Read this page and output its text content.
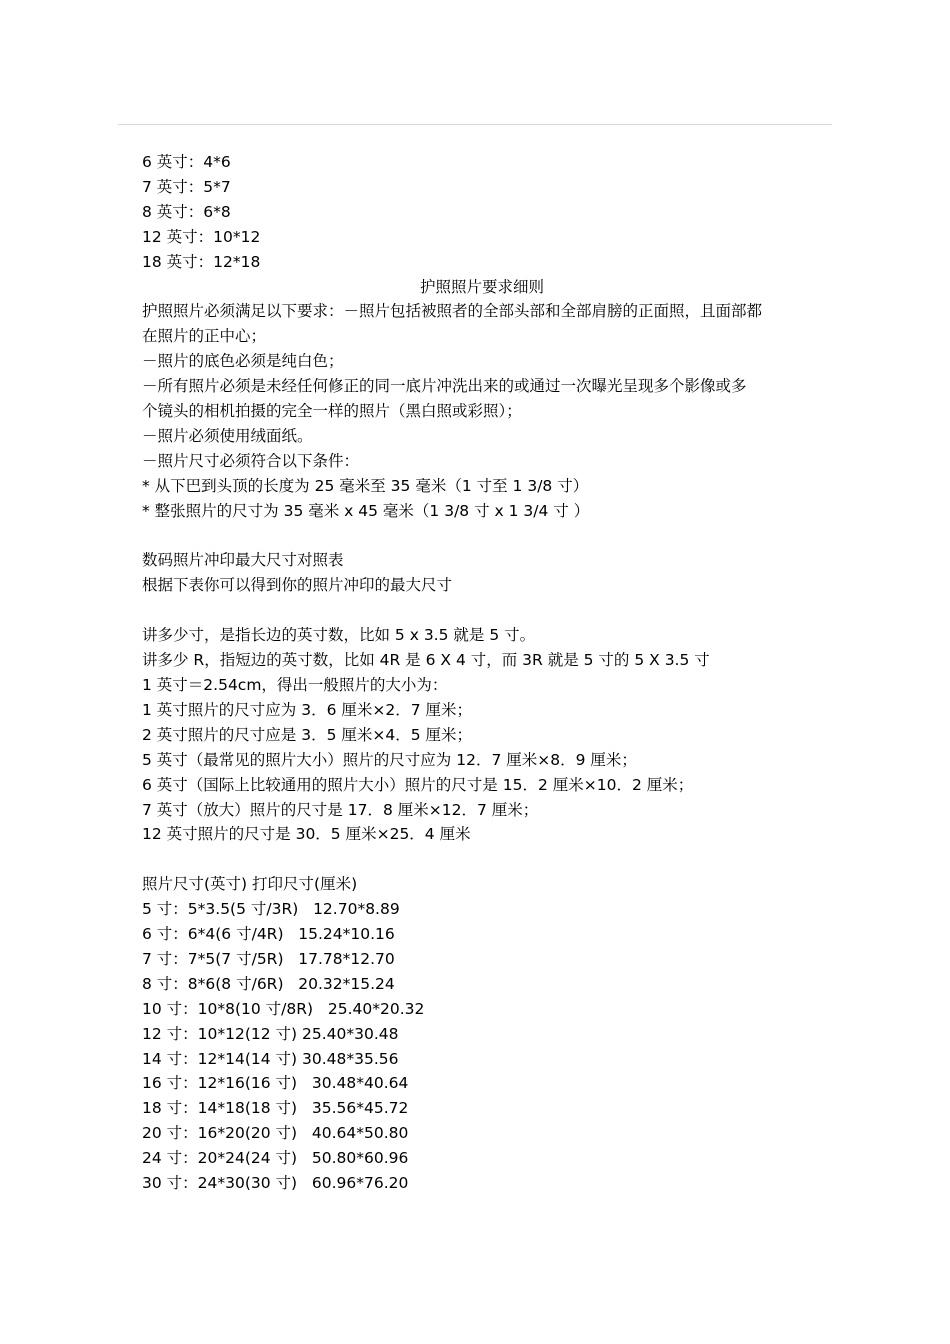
6 英寸：4*6
7 英寸：5*7
8 英寸：6*8
12 英寸：10*12
18 英寸：12*18
护照照片要求细则
护照照片必须满足以下要求：－照片包括被照者的全部头部和全部肩膀的正面照，且面部都
在照片的正中心；
－照片的底色必须是纯白色；
－所有照片必须是未经任何修正的同一底片冲洗出来的或通过一次曝光呈现多个影像或多
个镜头的相机拍摄的完全一样的照片（黑白照或彩照）；
－照片必须使用绒面纸。
－照片尺寸必须符合以下条件：
* 从下巴到头顶的长度为 25 毫米至 35 毫米（1 寸至 1 3/8 寸）
* 整张照片的尺寸为 35 毫米 x 45 毫米（1 3/8 寸 x 1 3/4 寸 ）
数码照片冲印最大尺寸对照表
根据下表你可以得到你的照片冲印的最大尺寸
讲多少寸，是指长边的英寸数，比如 5 x 3.5 就是 5 寸。
讲多少 R，指短边的英寸数，比如 4R 是 6 X 4 寸，而 3R 就是 5 寸的 5 X 3.5 寸
1 英寸＝2.54cm，得出一般照片的大小为：
1 英寸照片的尺寸应为 3．6 厘米×2．7 厘米；
2 英寸照片的尺寸应是 3．5 厘米×4．5 厘米；
5 英寸（最常见的照片大小）照片的尺寸应为 12．7 厘米×8．9 厘米；
6 英寸（国际上比较通用的照片大小）照片的尺寸是 15．2 厘米×10．2 厘米；
7 英寸（放大）照片的尺寸是 17．8 厘米×12．7 厘米；
12 英寸照片的尺寸是 30．5 厘米×25．4 厘米
照片尺寸(英寸) 打印尺寸(厘米)
5 寸：5*3.5(5 寸/3R)   12.70*8.89
6 寸：6*4(6 寸/4R)   15.24*10.16
7 寸：7*5(7 寸/5R)   17.78*12.70
8 寸：8*6(8 寸/6R)   20.32*15.24
10 寸：10*8(10 寸/8R)   25.40*20.32
12 寸：10*12(12 寸) 25.40*30.48
14 寸：12*14(14 寸) 30.48*35.56
16 寸：12*16(16 寸)   30.48*40.64
18 寸：14*18(18 寸)   35.56*45.72
20 寸：16*20(20 寸)   40.64*50.80
24 寸：20*24(24 寸)   50.80*60.96
30 寸：24*30(30 寸)   60.96*76.20
